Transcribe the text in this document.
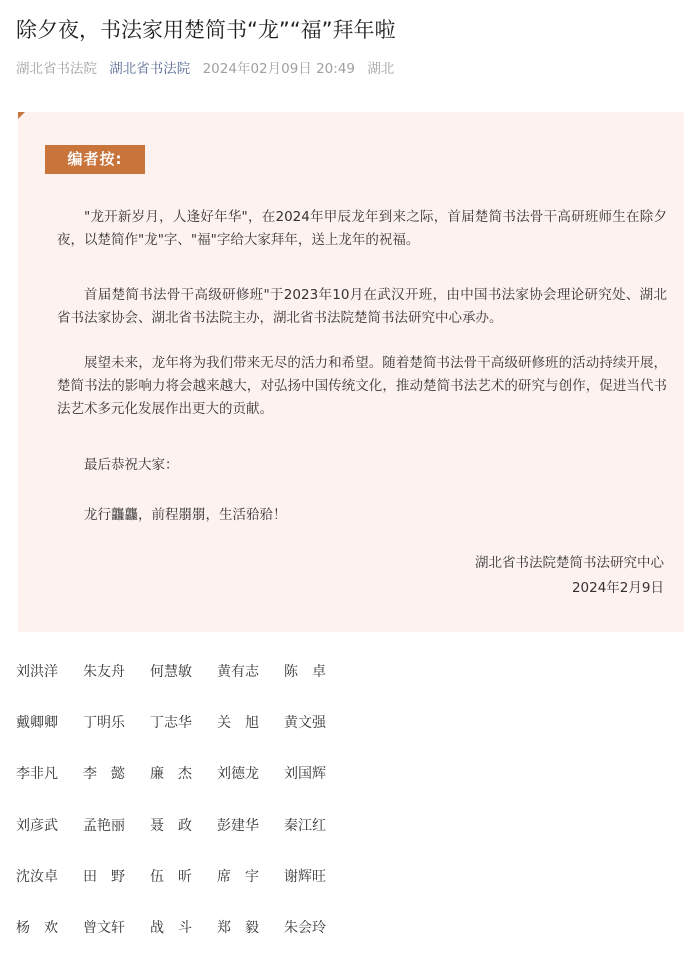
除夕夜，书法家用楚简书“龙”“福”拜年啦
湖北省书法院 湖北省书法院 2024年02月09日 20:49 湖北
编者按:
"龙开新岁月，人逢好年华"，在2024年甲辰龙年到来之际，首届楚简书法骨干高研班师生在除夕夜，以楚简作"龙"字、"福"字给大家拜年，送上龙年的祝福。
首届楚简书法骨干高级研修班"于2023年10月在武汉开班，由中国书法家协会理论研究处、湖北省书法家协会、湖北省书法院主办，湖北省书法院楚简书法研究中心承办。
展望未来，龙年将为我们带来无尽的活力和希望。随着楚简书法骨干高级研修班的活动持续开展，楚简书法的影响力将会越来越大，对弘扬中国传统文化，推动楚简书法艺术的研究与创作，促进当代书法艺术多元化发展作出更大的贡献。
最后恭祝大家：
龙行龘龘，前程朤朤，生活𬌗𬌗！
湖北省书法院楚简书法研究中心
2024年2月9日
刘洪洋	朱友舟	何慧敏	黄有志	陈　卓
戴卿卿	丁明乐	丁志华	关　旭	黄文强
李非凡	李　懿	廉　杰	刘德龙	刘国辉
刘彦武	孟艳丽	聂　政	彭建华	秦江红
沈汝卓	田　野	伍　昕	席　宇	谢辉旺
杨　欢	曾文轩	战　斗	郑　毅	朱会玲
